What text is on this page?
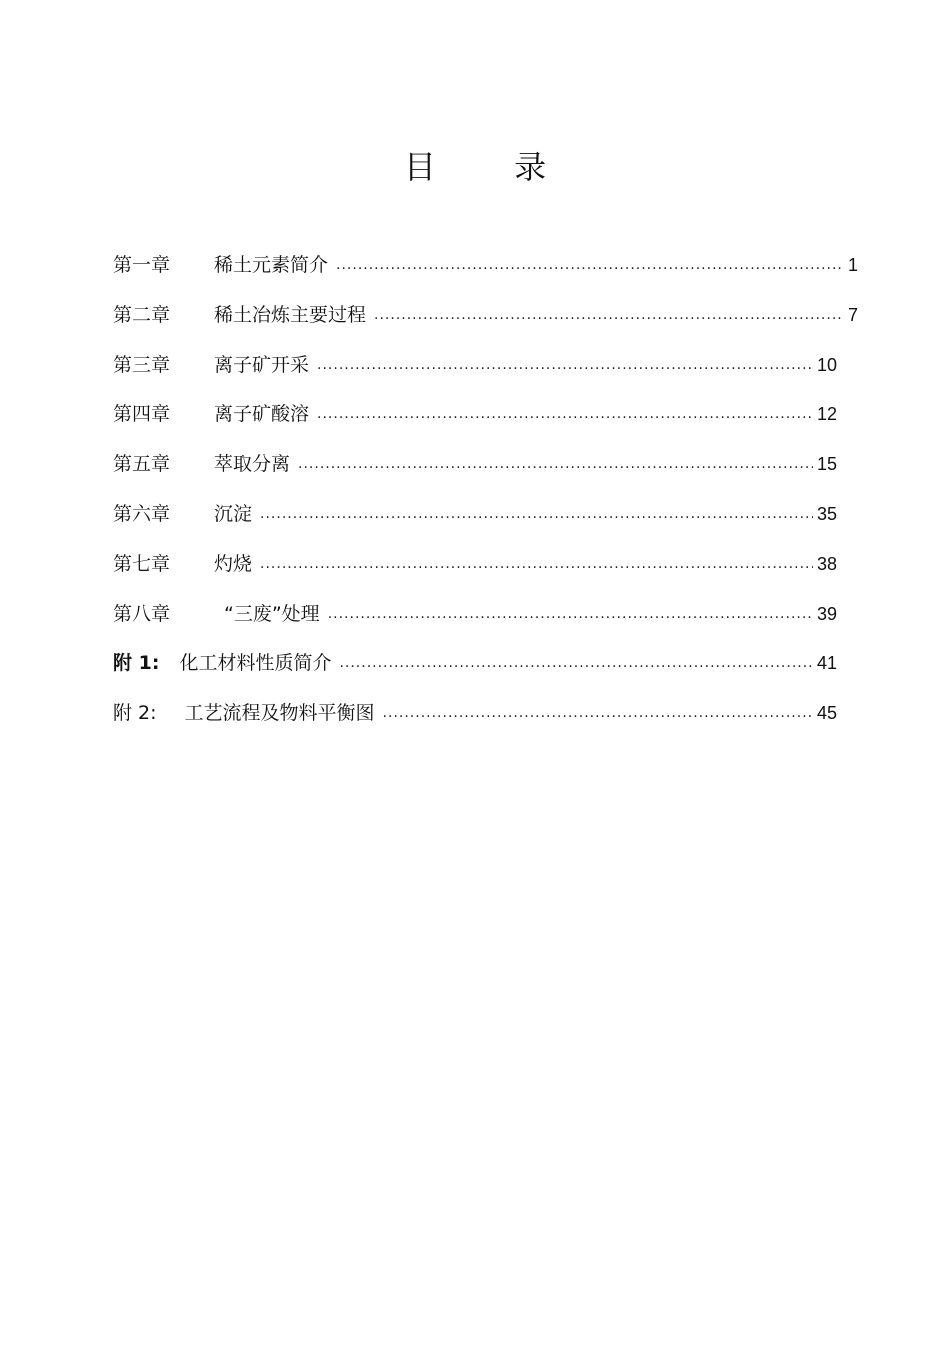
目 录
第一章	稀土元素简介 .....	1
第二章	稀土冶炼主要过程 .....	7
第三章	离子矿开采 .....	10
第四章	离子矿酸溶 .....	12
第五章	萃取分离 .....	15
第六章	沉淀 .....	35
第七章	灼烧 .....	38
第八章	“三废”处理 .....	39
附 1: 化工材料性质简介 .....	41
附 2: 工艺流程及物料平衡图 .....	45
